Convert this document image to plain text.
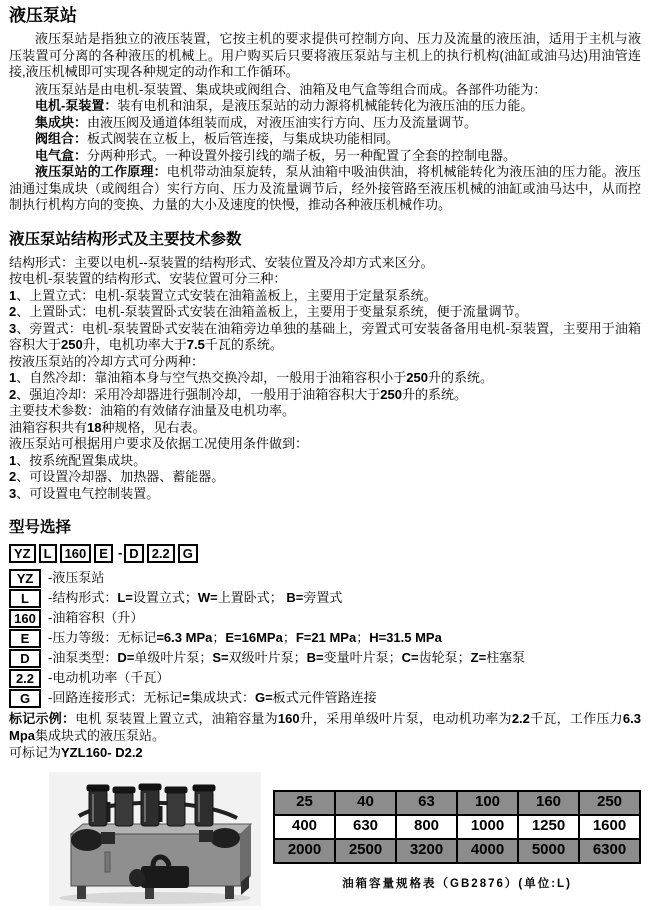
液压泵站

液压泵站是指独立的液压装置，它按主机的要求提供可控制方向、压力及流量的液压油，适用于主机与液压装置可分离的各种液压的机械上。用户购买后只要将液压泵站与主机上的执行机构(油缸或油马达)用油管连接,液压机械即可实现各种规定的动作和工作循环。

液压泵站是由电机-泵装置、集成块或阀组合、油箱及电气盒等组合而成。各部件功能为：

电机-泵装置：装有电机和油泵，是液压泵站的动力源将机械能转化为液压油的压力能。

集成块：由液压阀及通道体组装而成，对液压油实行方向、压力及流量调节。

阀组合：板式阀装在立板上，板后管连接，与集成块功能相同。

电气盒：分两种形式。一种设置外接引线的端子板，另一种配置了全套的控制电器。

液压泵站的工作原理：电机带动油泵旋转，泵从油箱中吸油供油，将机械能转化为液压油的压力能。液压油通过集成块（或阀组合）实行方向、压力及流量调节后，经外接管路至液压机械的油缸或油马达中，从而控制执行机构方向的变换、力量的大小及速度的快慢，推动各种液压机械作功。

液压泵站结构形式及主要技术参数
结构形式：主要以电机--泵装置的结构形式、安装位置及冷却方式来区分。
按电机-泵装置的结构形式、安装位置可分三种：
1、上置立式：电机-泵装置立式安装在油箱盖板上，主要用于定量泵系统。
2、上置卧式：电机-泵装置卧式安装在油箱盖板上，主要用于变量泵系统，便于流量调节。
3、旁置式：电机-泵装置卧式安装在油箱旁边单独的基础上，旁置式可安装备备用电机-泵装置，主要用于油箱容积大于250升，电机功率大于7.5千瓦的系统。
按液压泵站的冷却方式可分两种：
1、自然冷却：靠油箱本身与空气热交换冷却，一般用于油箱容积小于250升的系统。
2、强迫冷却：采用冷却器进行强制冷却，一般用于油箱容积大于250升的系统。
主要技术参数：油箱的有效储存油量及电机功率。
油箱容积共有18种规格，见右表。
液压泵站可根据用户要求及依据工况使用条件做到：
1、按系统配置集成块。
2、可设置冷却器、加热器、蓄能器。
3、可设置电气控制装置。
型号选择
YZ L 160 E - D 2.2 G
YZ	-液压泵站
L	-结构形式：L=设置立式；W=上置卧式； B=旁置式
160 -油箱容积（升）
E	-压力等级：无标记=6.3 MPa；E=16MPa；F=21 MPa；H=31.5 MPa
D	-油泵类型：D=单级叶片泵；S=双级叶片泵；B=变量叶片泵；C=齿轮泵；Z=柱塞泵
2.2	-电动机功率（千瓦）
G	-回路连接形式：无标记=集成块式：G=板式元件管路连接

标记示例：电机 泵装置上置立式，油箱容量为160升，采用单级叶片泵，电动机功率为2.2千瓦，工作压力6.3 Mpa集成块式的液压泵站。

可标记为YZL160- D2.2

25	40	63	100	160	250
400	630	800	1000	1250	1600
2000	2500	3200	4000	5000	6300
油箱容量规格表（GB2876）(单位:L)
